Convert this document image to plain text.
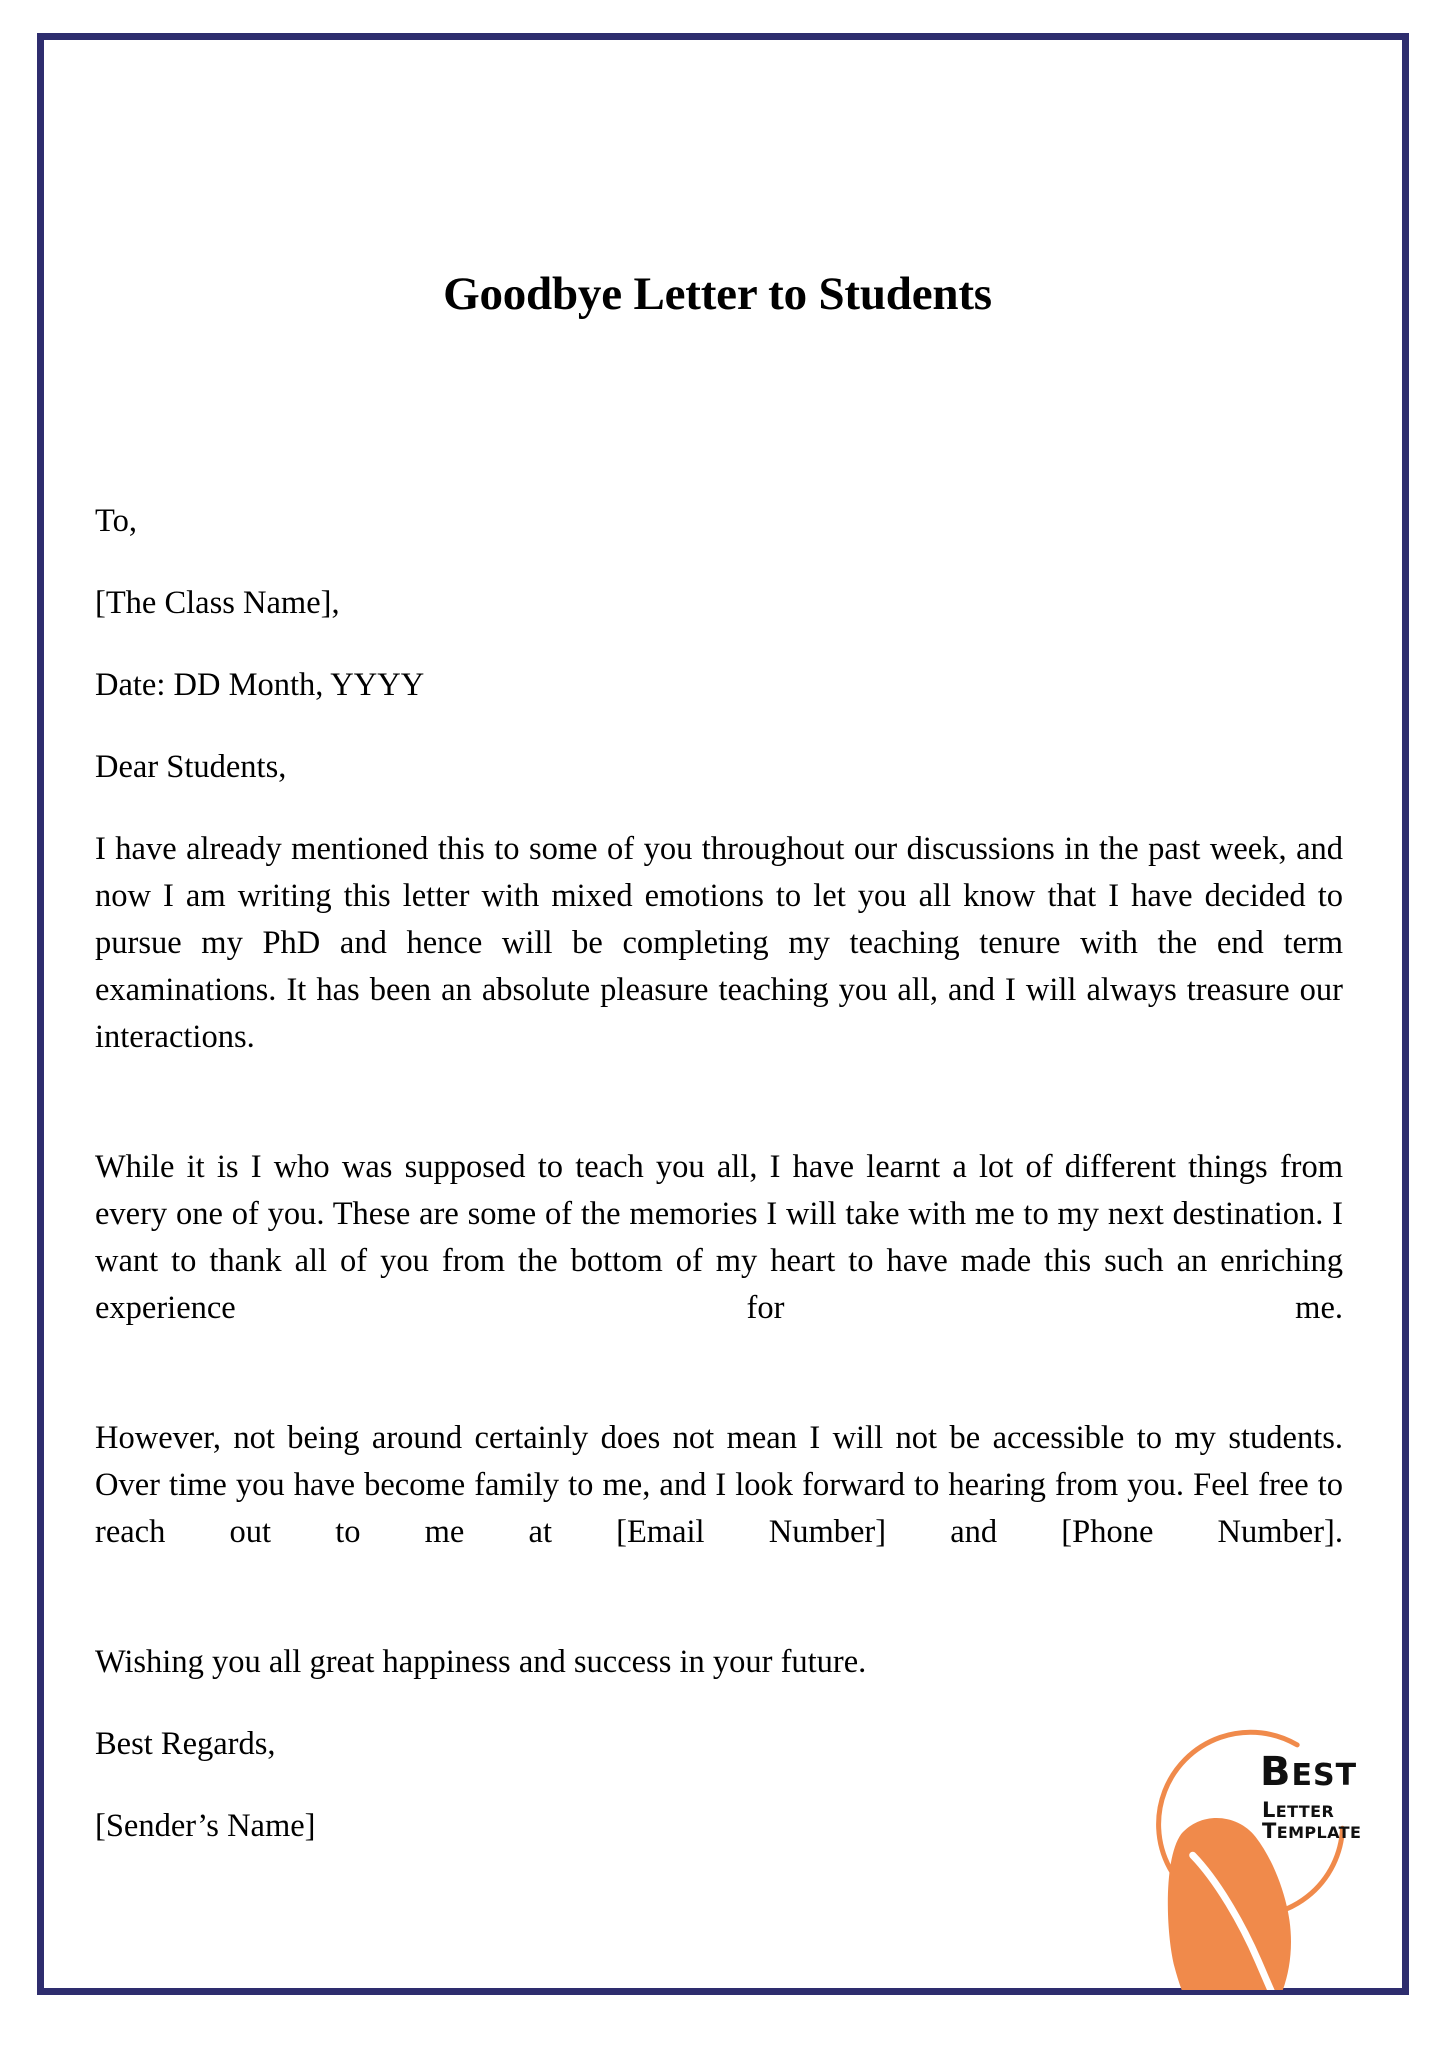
Goodbye Letter to Students

To,

[The Class Name],

Date: DD Month, YYYY

Dear Students,

I have already mentioned this to some of you throughout our discussions in the past week, and now I am writing this letter with mixed emotions to let you all know that I have decided to pursue my PhD and hence will be completing my teaching tenure with the end term examinations. It has been an absolute pleasure teaching you all, and I will always treasure our interactions.

While it is I who was supposed to teach you all, I have learnt a lot of different things from every one of you. These are some of the memories I will take with me to my next destination. I want to thank all of you from the bottom of my heart to have made this such an enriching experience for me.

However, not being around certainly does not mean I will not be accessible to my students. Over time you have become family to me, and I look forward to hearing from you. Feel free to reach out to me at [Email Number] and [Phone Number].

Wishing you all great happiness and success in your future.

Best Regards,

[Sender’s Name]

BEST
LETTER TEMPLATE
